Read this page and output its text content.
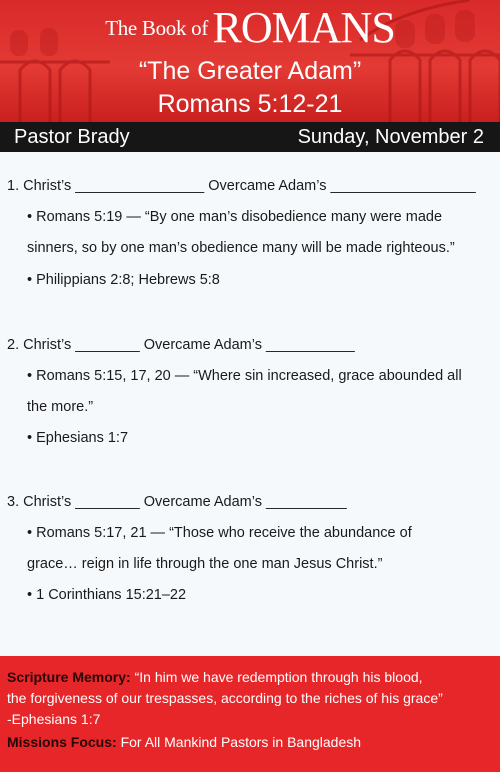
The Book of ROMANS
“The Greater Adam”
Romans 5:12-21
Pastor Brady	Sunday, November 2
1. Christ’s ________________ Overcame Adam’s __________________
• Romans 5:19 — “By one man’s disobedience many were made
sinners, so by one man’s obedience many will be made righteous.”
• Philippians 2:8; Hebrews 5:8
2. Christ’s ________ Overcame Adam’s ___________
• Romans 5:15, 17, 20 — “Where sin increased, grace abounded all
the more.”
• Ephesians 1:7
3. Christ’s ________ Overcame Adam’s __________
• Romans 5:17, 21 — “Those who receive the abundance of
grace… reign in life through the one man Jesus Christ.”
• 1 Corinthians 15:21–22
Scripture Memory: “In him we have redemption through his blood,
the forgiveness of our trespasses, according to the riches of his grace”
-Ephesians 1:7
Missions Focus: For All Mankind Pastors in Bangladesh
